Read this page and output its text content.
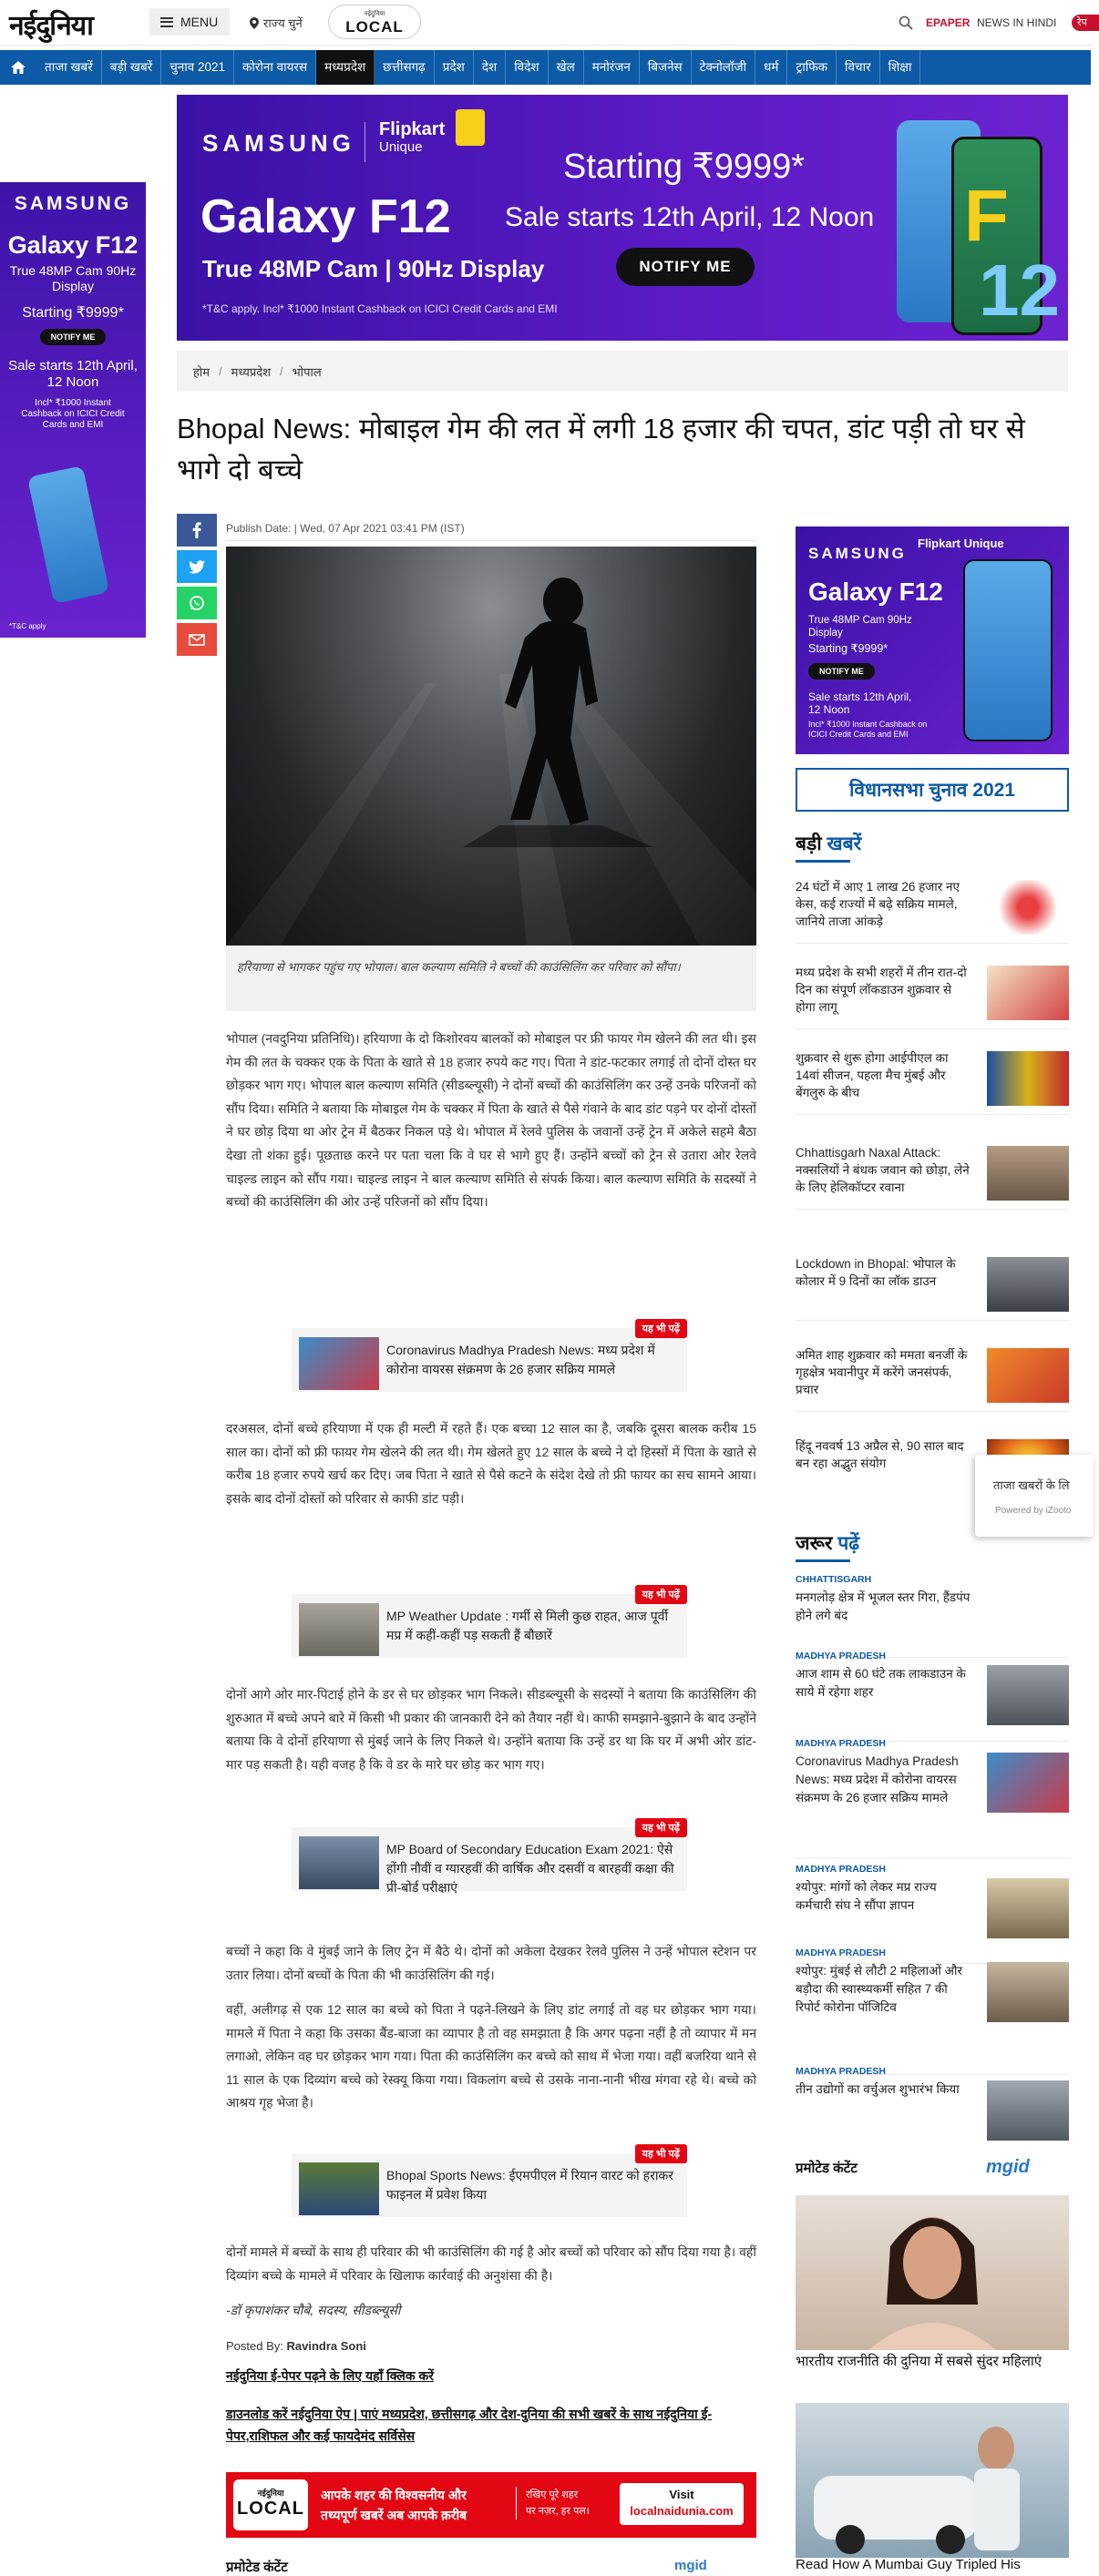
नईदुनिया	MENU	राज्य चुनें
नईदुनिया
LOCAL	EPAPER NEWS IN HINDI	रेप
ताजा खबरें	बड़ी खबरें	चुनाव 2021	कोरोना वायरस	मध्यप्रदेश	छत्तीसगढ़	प्रदेश	देश	विदेश	खेल	मनोरंजन	बिजनेस	टेक्नोलॉजी	धर्म	ट्राफिक	विचार	शिक्षा
SAMSUNG Flipkart
Unique
Galaxy F12
True 48MP Cam | 90Hz Display
*T&C apply. Incl* ₹1000 Instant Cashback on ICICI Credit Cards and EMI
Starting ₹9999*
Sale starts 12th April, 12 Noon
NOTIFY ME
F
12
SAMSUNG
Galaxy F12
True 48MP Cam 90Hz Display
Starting ₹9999*
NOTIFY ME
Sale starts 12th April, 12 Noon
Incl* ₹1000 Instant Cashback on ICICI Credit Cards and EMI
*T&C apply
होम / मध्यप्रदेश / भोपाल
Bhopal News: मोबाइल गेम की लत में लगी 18 हजार की चपत, डांट पड़ी तो घर से भागे दो बच्चे
Publish Date: | Wed, 07 Apr 2021 03:41 PM (IST)
हरियाणा से भागकर पहुंच गए भोपाल। बाल कल्याण समिति ने बच्चों की काउंसिलिंग कर परिवार को सौंपा।
भोपाल (नवदुनिया प्रतिनिधि)। हरियाणा के दो किशोरवय बालकों को मोबाइल पर फ्री फायर गेम खेलने की लत थी। इस गेम की लत के चक्कर एक के पिता के खाते से 18 हजार रुपये कट गए। पिता ने डांट-फटकार लगाई तो दोनों दोस्त घर छोड़कर भाग गए। भोपाल बाल कल्याण समिति (सीडब्ल्यूसी) ने दोनों बच्चों की काउंसिलिंग कर उन्हें उनके परिजनों को सौंप दिया। समिति ने बताया कि मोबाइल गेम के चक्कर में पिता के खाते से पैसे गंवाने के बाद डांट पड़ने पर दोनों दोस्तों ने घर छोड़ दिया था ओर ट्रेन में बैठकर निकल पड़े थे। भोपाल में रेलवे पुलिस के जवानों उन्हें ट्रेन में अकेले सहमे बैठा देखा तो शंका हुई। पूछताछ करने पर पता चला कि वे घर से भागे हुए हैं। उन्होंने बच्चों को ट्रेन से उतारा ओर रेलवे चाइल्ड लाइन को सौंप गया। चाइल्ड लाइन ने बाल कल्याण समिति से संपर्क किया। बाल कल्याण समिति के सदस्यों ने बच्चों की काउंसिलिंग की ओर उन्हें परिजनों को सौंप दिया।
यह भी पढ़ें
Coronavirus Madhya Pradesh News: मध्य प्रदेश में कोरोना वायरस संक्रमण के 26 हजार सक्रिय मामले
दरअसल, दोनों बच्चे हरियाणा में एक ही मल्टी में रहते हैं। एक बच्चा 12 साल का है, जबकि दूसरा बालक करीब 15 साल का। दोनों को फ्री फायर गेम खेलने की लत थी। गेम खेलते हुए 12 साल के बच्चे ने दो हिस्सों में पिता के खाते से करीब 18 हजार रुपये खर्च कर दिए। जब पिता ने खाते से पैसे कटने के संदेश देखे तो फ्री फायर का सच सामने आया। इसके बाद दोनों दोस्तों को परिवार से काफी डांट पड़ी।
यह भी पढ़ें
MP Weather Update : गर्मी से मिली कुछ राहत, आज पूर्वी मप्र में कहीं-कहीं पड़ सकती हैं बौछारें
दोनों आगे ओर मार-पिटाई होने के डर से घर छोड़कर भाग निकले। सीडब्ल्यूसी के सदस्यों ने बताया कि काउंसिलिंग की शुरुआत में बच्चे अपने बारे में किसी भी प्रकार की जानकारी देने को तैयार नहीं थे। काफी समझाने-बुझाने के बाद उन्होंने बताया कि वे दोनों हरियाणा से मुंबई जाने के लिए निकले थे। उन्होंने बताया कि उन्हें डर था कि घर में अभी ओर डांट-मार पड़ सकती है। यही वजह है कि वे डर के मारे घर छोड़ कर भाग गए।
यह भी पढ़ें
MP Board of Secondary Education Exam 2021: ऐसे होंगी नौवीं व ग्यारहवीं की वार्षिक और दसवीं व बारहवीं कक्षा की प्री-बोर्ड परीक्षाएं
बच्चों ने कहा कि वे मुंबई जाने के लिए ट्रेन में बैठे थे। दोनों को अकेला देखकर रेलवे पुलिस ने उन्हें भोपाल स्टेशन पर उतार लिया। दोनों बच्चों के पिता की भी काउंसिलिंग की गई।
वहीं, अलीगढ़ से एक 12 साल का बच्चे को पिता ने पढ़ने-लिखने के लिए डांट लगाई तो वह घर छोड़कर भाग गया। मामले में पिता ने कहा कि उसका बैंड-बाजा का व्यापार है तो वह समझाता है कि अगर पढ़ना नहीं है तो व्यापार में मन लगाओ, लेकिन वह घर छोड़कर भाग गया। पिता की काउंसिलिंग कर बच्चे को साथ में भेजा गया। वहीं बजरिया थाने से 11 साल के एक दिव्यांग बच्चे को रेस्क्यू किया गया। विकलांग बच्चे से उसके नाना-नानी भीख मंगवा रहे थे। बच्चे को आश्रय गृह भेजा है।
यह भी पढ़ें
Bhopal Sports News: ईएमपीएल में रियान वारट को हराकर फाइनल में प्रवेश किया
दोनों मामले में बच्चों के साथ ही परिवार की भी काउंसिलिंग की गई है ओर बच्चों को परिवार को सौंप दिया गया है। वहीं दिव्यांग बच्चे के मामले में परिवार के खिलाफ कार्रवाई की अनुशंसा की है।
-डॉ कृपाशंकर चौबे, सदस्य, सीडब्ल्यूसी
Posted By: Ravindra Soni
नईदुनिया ई-पेपर पढ़ने के लिए यहाँ क्लिक करें
डाउनलोड करें नईदुनिया ऐप | पाएं मध्यप्रदेश, छत्तीसगढ़ और देश-दुनिया की सभी खबरें के साथ नईदुनिया ई-पेपर,राशिफल और कई फायदेमंद सर्विसेस
नईदुनिया
LOCAL
आपके शहर की विश्वसनीय और
तथ्यपूर्ण खबरें अब आपके क़रीब
रखिए पूरे शहर
पर नज़र, हर पल।
Visit
localnaidunia.com
प्रमोटेड कंटेंट	mgid
SAMSUNG
Flipkart Unique
Galaxy F12
True 48MP Cam 90Hz Display
Starting ₹9999*
NOTIFY ME
Sale starts 12th April, 12 Noon
Incl* ₹1000 Instant Cashback on ICICI Credit Cards and EMI
विधानसभा चुनाव 2021
बड़ी खबरें
24 घंटों में आए 1 लाख 26 हजार नए केस, कई राज्यों में बढ़े सक्रिय मामले, जानिये ताजा आंकड़े
मध्य प्रदेश के सभी शहरों में तीन रात-दो दिन का संपूर्ण लॉकडाउन शुक्रवार से होगा लागू
शुक्रवार से शुरू होगा आईपीएल का 14वां सीजन, पहला मैच मुंबई और बेंगलुरु के बीच
Chhattisgarh Naxal Attack: नक्सलियों ने बंधक जवान को छोड़ा, लेने के लिए हेलिकॉप्टर रवाना
Lockdown in Bhopal: भोपाल के कोलार में 9 दिनों का लॉक डाउन
अमित शाह शुक्रवार को ममता बनर्जी के गृहक्षेत्र भवानीपुर में करेंगे जनसंपर्क, प्रचार
हिंदू नववर्ष 13 अप्रैल से, 90 साल बाद बन रहा अद्भुत संयोग
ताजा खबरों के लि
Powered by iZooto
जरूर पढ़ें
CHHATTISGARH
मनगलोड़ क्षेत्र में भूजल स्तर गिरा, हैंडपंप होने लगे बंद
MADHYA PRADESH
आज शाम से 60 घंटे तक लाकडाउन के साये में रहेगा शहर
MADHYA PRADESH
Coronavirus Madhya Pradesh News: मध्य प्रदेश में कोरोना वायरस संक्रमण के 26 हजार सक्रिय मामले
MADHYA PRADESH
श्योपुर: मांगों को लेकर मप्र राज्य कर्मचारी संघ ने सौंपा ज्ञापन
MADHYA PRADESH
श्योपुर: मुंबई से लौटी 2 महिलाओं और बड़ौदा की स्वास्थ्यकर्मी सहित 7 की रिपोर्ट कोरोना पॉजिटिव
MADHYA PRADESH
तीन उद्योगों का वर्चुअल शुभारंभ किया
प्रमोटेड कंटेंट	mgid
भारतीय राजनीति की दुनिया में सबसे सुंदर महिलाएं
Read How A Mumbai Guy Tripled His
